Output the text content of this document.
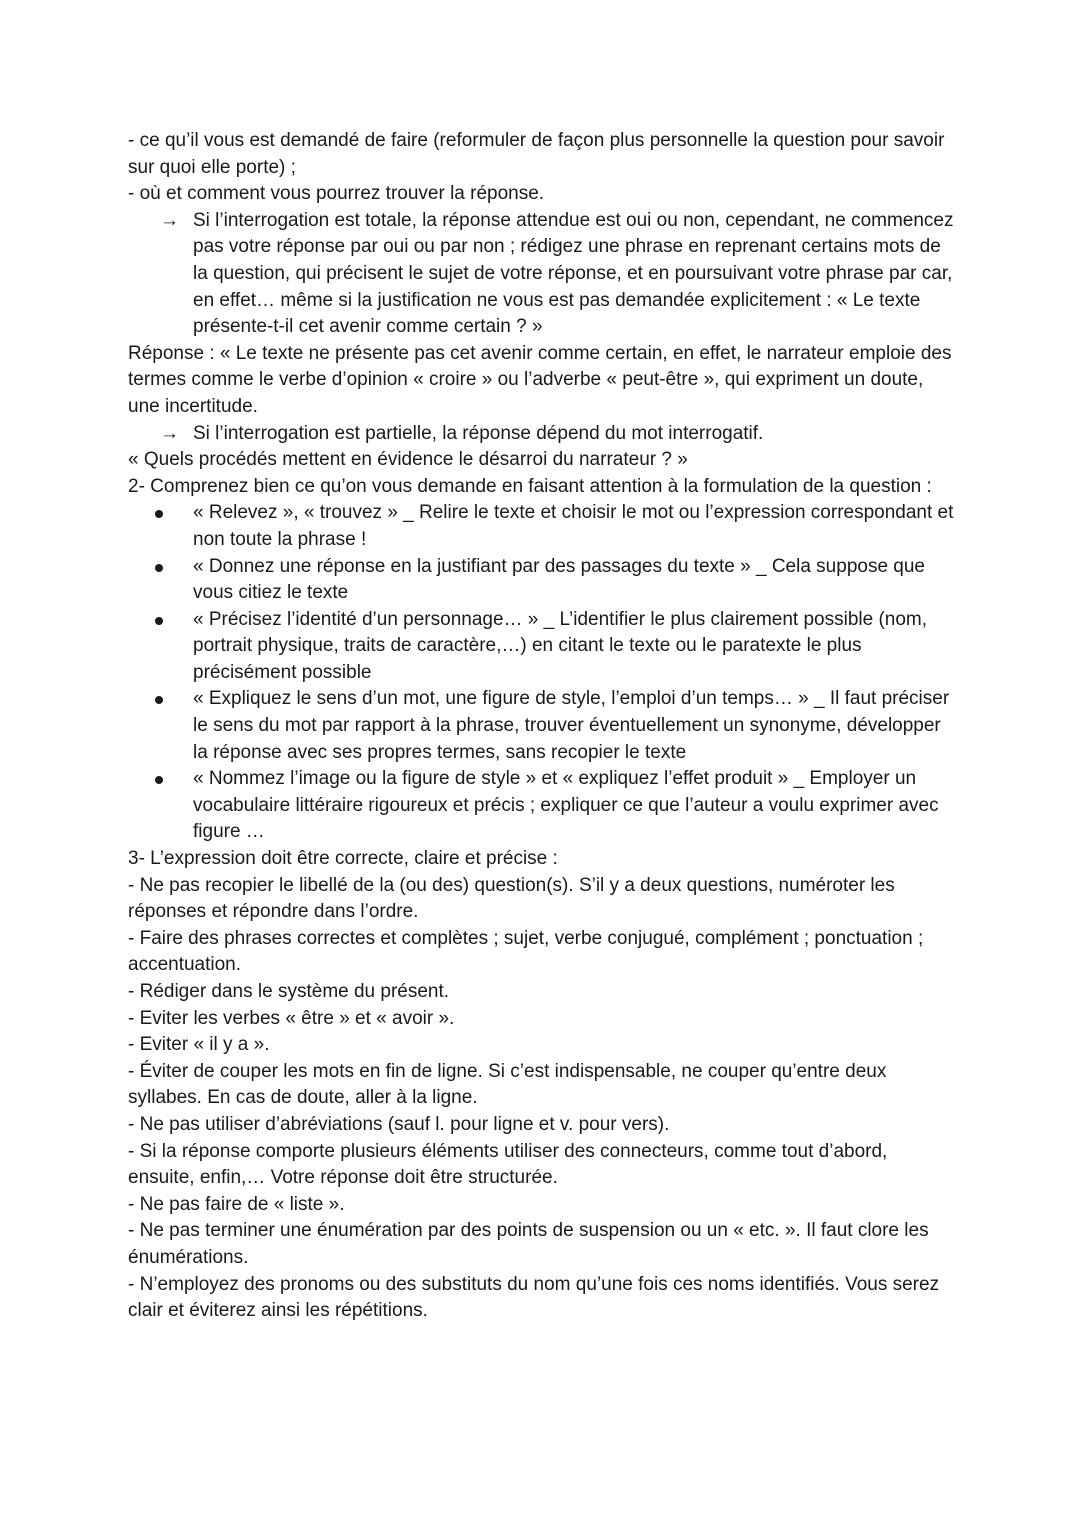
- ce qu’il vous est demandé de faire (reformuler de façon plus personnelle la question pour savoir sur quoi elle porte) ;

- où et comment vous pourrez trouver la réponse.

→ Si l’interrogation est totale, la réponse attendue est oui ou non, cependant, ne commencez pas votre réponse par oui ou par non ; rédigez une phrase en reprenant certains mots de la question, qui précisent le sujet de votre réponse, et en poursuivant votre phrase par car, en effet… même si la justification ne vous est pas demandée explicitement : « Le texte présente-t-il cet avenir comme certain ? »

Réponse : « Le texte ne présente pas cet avenir comme certain, en effet, le narrateur emploie des termes comme le verbe d’opinion « croire » ou l’adverbe « peut-être », qui expriment un doute, une incertitude.

→ Si l’interrogation est partielle, la réponse dépend du mot interrogatif.

« Quels procédés mettent en évidence le désarroi du narrateur ? »

2- Comprenez bien ce qu’on vous demande en faisant attention à la formulation de la question :

« Relevez », « trouvez » _ Relire le texte et choisir le mot ou l’expression correspondant et non toute la phrase !
« Donnez une réponse en la justifiant par des passages du texte » _ Cela suppose que vous citiez le texte
« Précisez l’identité d’un personnage… » _ L’identifier le plus clairement possible (nom, portrait physique, traits de caractère,…) en citant le texte ou le paratexte le plus précisément possible
« Expliquez le sens d’un mot, une figure de style, l’emploi d’un temps… » _ Il faut préciser le sens du mot par rapport à la phrase, trouver éventuellement un synonyme, développer la réponse avec ses propres termes, sans recopier le texte
« Nommez l’image ou la figure de style » et « expliquez l’effet produit » _ Employer un vocabulaire littéraire rigoureux et précis ; expliquer ce que l’auteur a voulu exprimer avec figure …

3- L’expression doit être correcte, claire et précise :

- Ne pas recopier le libellé de la (ou des) question(s). S’il y a deux questions, numéroter les réponses et répondre dans l’ordre.

- Faire des phrases correctes et complètes ; sujet, verbe conjugué, complément ; ponctuation ; accentuation.

- Rédiger dans le système du présent.

- Eviter les verbes « être » et « avoir ».

- Eviter « il y a ».

- Éviter de couper les mots en fin de ligne. Si c’est indispensable, ne couper qu’entre deux syllabes. En cas de doute, aller à la ligne.

- Ne pas utiliser d’abréviations (sauf l. pour ligne et v. pour vers).

- Si la réponse comporte plusieurs éléments utiliser des connecteurs, comme tout d’abord, ensuite, enfin,… Votre réponse doit être structurée.

- Ne pas faire de « liste ».

- Ne pas terminer une énumération par des points de suspension ou un « etc. ». Il faut clore les énumérations.

- N’employez des pronoms ou des substituts du nom qu’une fois ces noms identifiés. Vous serez clair et éviterez ainsi les répétitions.
